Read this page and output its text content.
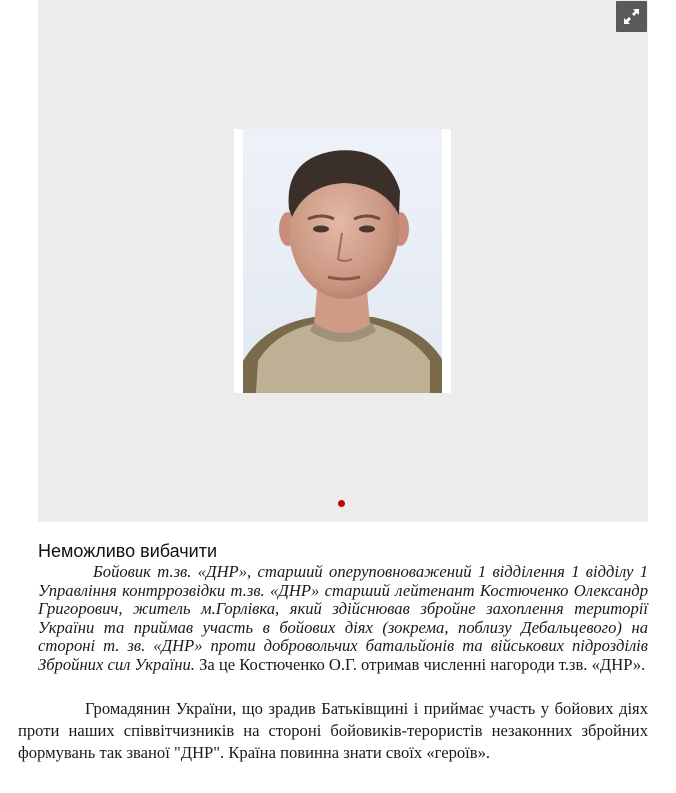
Неможливо вибачити

Бойовик т.зв. «ДНР», старший оперуповноважений 1 відділення 1 відділу 1 Управління контррозвідки т.зв. «ДНР» старший лейтенант Костюченко Олександр Григорович, житель м.Горлівка, який здійснював збройне захоплення території України та приймав участь в бойових діях (зокрема, поблизу Дебальцевого) на стороні т. зв. «ДНР» проти добровольчих батальйонів та військових підрозділів Збройних сил України. За це Костюченко О.Г. отримав численні нагороди т.зв. «ДНР».

Громадянин України, що зрадив Батьківщині і приймає участь у бойових діях проти наших співвітчизників на стороні бойовиків-терористів незаконних збройних формувань так званої "ДНР". Країна повинна знати своїх «героїв».
